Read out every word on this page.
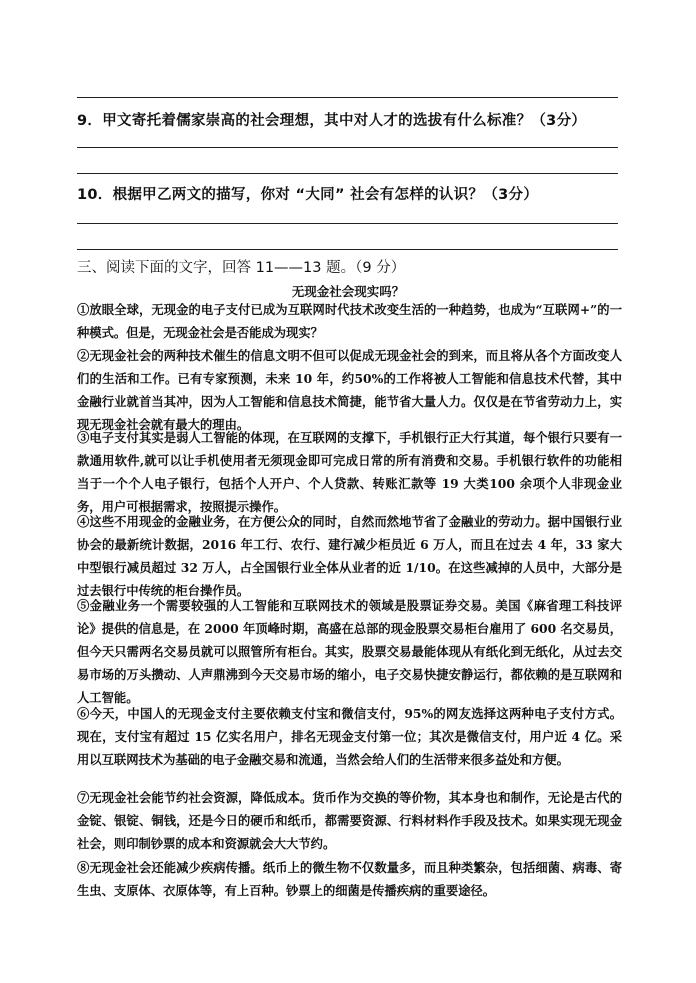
9．甲文寄托着儒家崇高的社会理想，其中对人才的选拔有什么标准？（3分）
10．根据甲乙两文的描写，你对 “大同” 社会有怎样的认识？（3分）
三、阅读下面的文字，回答 11——13 题。（9 分）
无现金社会现实吗？
①放眼全球，无现金的电子支付已成为互联网时代技术改变生活的一种趋势，也成为“互联网+”的一种模式。但是，无现金社会是否能成为现实？
②无现金社会的两种技术催生的信息文明不但可以促成无现金社会的到来，而且将从各个方面改变人们的生活和工作。已有专家预测，未来 10 年，约50%的工作将被人工智能和信息技术代替，其中金融行业就首当其冲，因为人工智能和信息技术简捷，能节省大量人力。仅仅是在节省劳动力上，实现无现金社会就有最大的理由。
③电子支付其实是弱人工智能的体现，在互联网的支撑下，手机银行正大行其道，每个银行只要有一款通用软件,就可以让手机使用者无须现金即可完成日常的所有消费和交易。手机银行软件的功能相当于一个个人电子银行，包括个人开户、个人贷款、转账汇款等 19 大类100 余项个人非现金业务，用户可根据需求，按照提示操作。
④这些不用现金的金融业务，在方便公众的同时，自然而然地节省了金融业的劳动力。据中国银行业协会的最新统计数据，2016 年工行、农行、建行减少柜员近 6 万人，而且在过去 4 年，33 家大中型银行减员超过 32 万人，占全国银行业全体从业者的近 1/10。在这些减掉的人员中，大部分是过去银行中传统的柜台操作员。
⑤金融业务一个需要较强的人工智能和互联网技术的领域是股票证券交易。美国《麻省理工科技评论》提供的信息是，在 2000 年顶峰时期，高盛在总部的现金股票交易柜台雇用了 600 名交易员，但今天只需两名交易员就可以照管所有柜台。其实，股票交易最能体现从有纸化到无纸化，从过去交易市场的万头攒动、人声鼎沸到今天交易市场的缩小，电子交易快捷安静运行，都依赖的是互联网和人工智能。
⑥今天，中国人的无现金支付主要依赖支付宝和微信支付，95%的网友选择这两种电子支付方式。现在，支付宝有超过 15 亿实名用户，排名无现金支付第一位；其次是微信支付，用户近 4 亿。采用以互联网技术为基础的电子金融交易和流通，当然会给人们的生活带来很多益处和方便。
⑦无现金社会能节约社会资源，降低成本。货币作为交换的等价物，其本身也和制作，无论是古代的金锭、银锭、铜钱，还是今日的硬币和纸币，都需要资源、行料材料作手段及技术。如果实现无现金社会，则印制钞票的成本和资源就会大大节约。
⑧无现金社会还能减少疾病传播。纸币上的微生物不仅数量多，而且种类繁杂，包括细菌、病毒、寄生虫、支原体、衣原体等，有上百种。钞票上的细菌是传播疾病的重要途径。
